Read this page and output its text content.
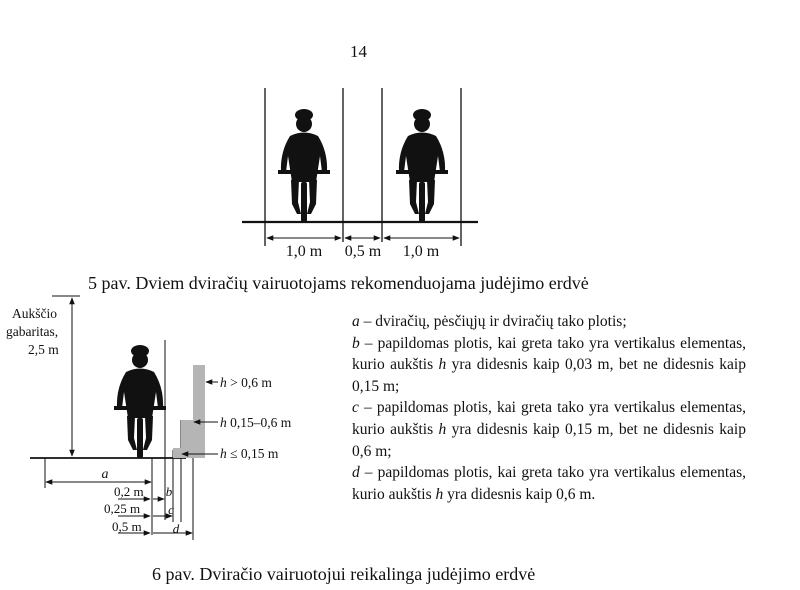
14
1,0 m 0,5 m 1,0 m
Aukščio
gabaritas,
2,5 m
h > 0,6 m
h 0,15–0,6 m
h ≤ 0,15 m
a
0,2 m b
0,25 m c
0,5 m d
5 pav. Dviem dviračių vairuotojams rekomenduojama judėjimo erdvė

a – dviračių, pėsčiųjų ir dviračių tako plotis;

b – papildomas plotis, kai greta tako yra vertikalus elementas, kurio aukštis h yra didesnis kaip 0,03 m, bet ne didesnis kaip 0,15 m;

c – papildomas plotis, kai greta tako yra vertikalus elementas, kurio aukštis h yra didesnis kaip 0,15 m, bet ne didesnis kaip 0,6 m;

d – papildomas plotis, kai greta tako yra vertikalus elementas, kurio aukštis h yra didesnis kaip 0,6 m.

6 pav. Dviračio vairuotojui reikalinga judėjimo erdvė
